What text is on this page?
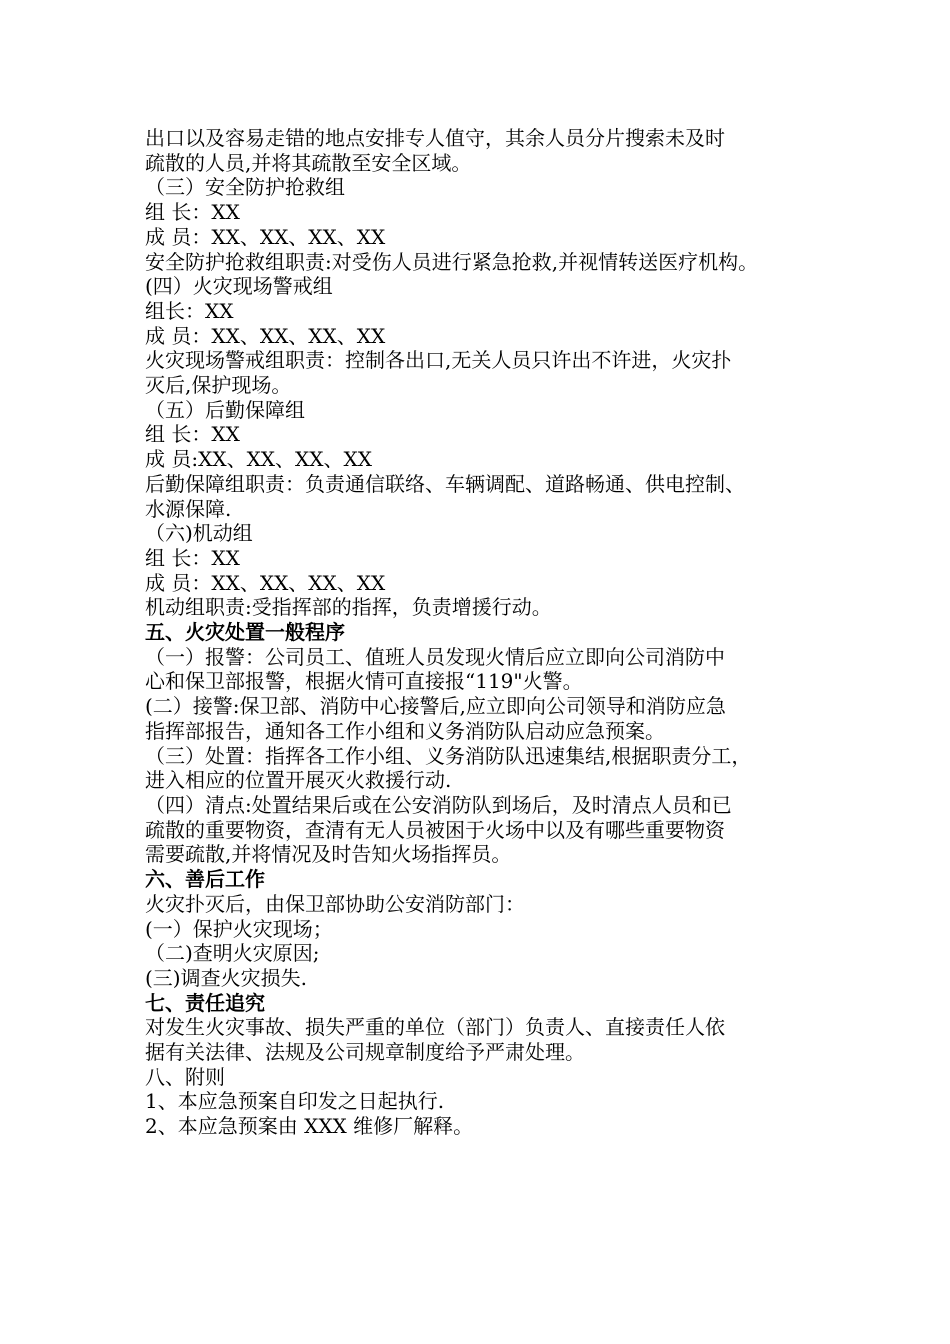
出口以及容易走错的地点安排专人值守，其余人员分片搜索未及时
疏散的人员,并将其疏散至安全区域。
（三）安全防护抢救组
组 长：XX
成 员：XX、XX、XX、XX
安全防护抢救组职责:对受伤人员进行紧急抢救,并视情转送医疗机构。
(四）火灾现场警戒组
组长：XX
成 员：XX、XX、XX、XX
火灾现场警戒组职责：控制各出口,无关人员只许出不许进，火灾扑
灭后,保护现场。
（五）后勤保障组
组 长：XX
成 员:XX、XX、XX、XX
后勤保障组职责：负责通信联络、车辆调配、道路畅通、供电控制、
水源保障.
（六)机动组
组 长：XX
成 员：XX、XX、XX、XX
机动组职责:受指挥部的指挥，负责增援行动。
五、火灾处置一般程序
（一）报警：公司员工、值班人员发现火情后应立即向公司消防中
心和保卫部报警，根据火情可直接报“119"火警。
(二）接警:保卫部、消防中心接警后,应立即向公司领导和消防应急
指挥部报告，通知各工作小组和义务消防队启动应急预案。
（三）处置：指挥各工作小组、义务消防队迅速集结,根据职责分工，
进入相应的位置开展灭火救援行动.
（四）清点:处置结果后或在公安消防队到场后，及时清点人员和已
疏散的重要物资，查清有无人员被困于火场中以及有哪些重要物资
需要疏散,并将情况及时告知火场指挥员。
六、善后工作
火灾扑灭后，由保卫部协助公安消防部门：
(一）保护火灾现场；
（二)查明火灾原因;
(三)调查火灾损失.
七、责任追究
对发生火灾事故、损失严重的单位（部门）负责人、直接责任人依
据有关法律、法规及公司规章制度给予严肃处理。
八、附则
1、本应急预案自印发之日起执行.
2、本应急预案由 XXX 维修厂解释。
